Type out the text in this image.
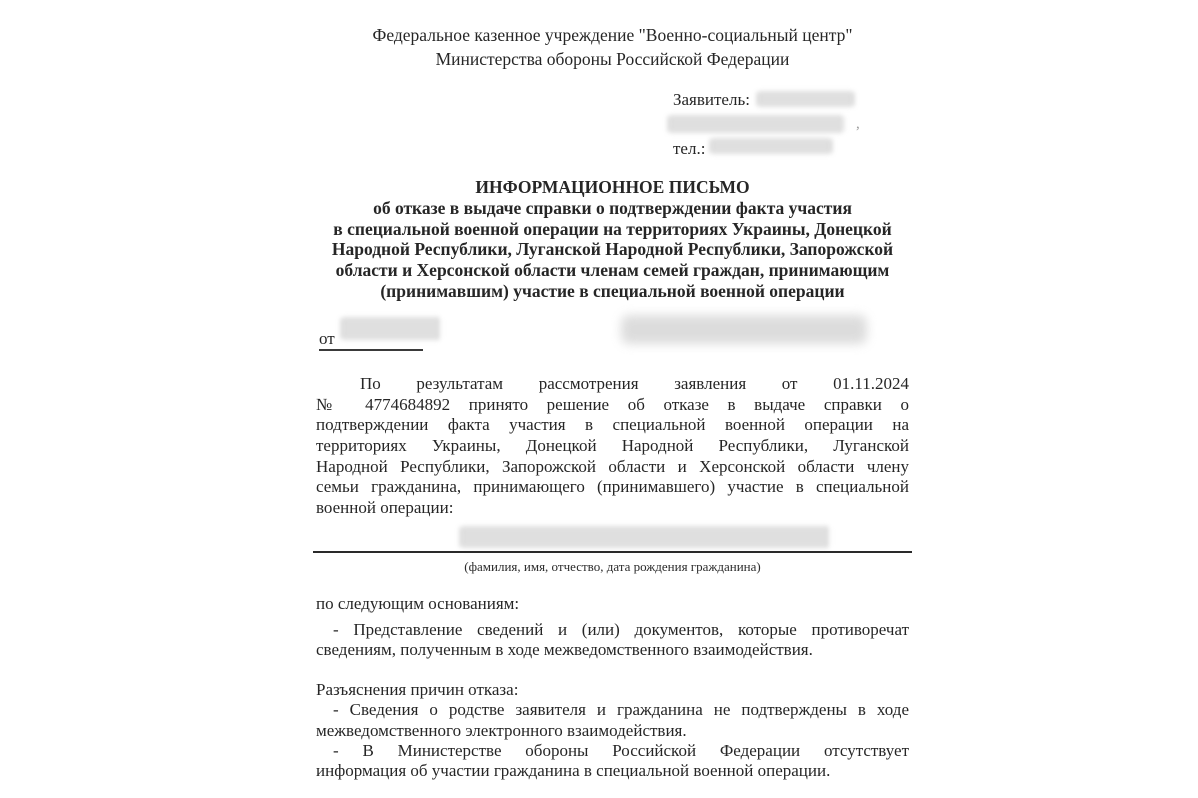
Федеральное казенное учреждение "Военно-социальный центр"
Министерства обороны Российской Федерации
Заявитель:
,
тел.:
ИНФОРМАЦИОННОЕ ПИСЬМО
об отказе в выдаче справки о подтверждении факта участия
в специальной военной операции на территориях Украины, Донецкой
Народной Республики, Луганской Народной Республики, Запорожской
области и Херсонской области членам семей граждан, принимающим
(принимавшим) участие в специальной военной операции
от
По результатам рассмотрения заявления от 01.11.2024
№ 4774684892 принято решение об отказе в выдаче справки о
подтверждении факта участия в специальной военной операции на
территориях Украины, Донецкой Народной Республики, Луганской
Народной Республики, Запорожской области и Херсонской области члену
семьи гражданина, принимающего (принимавшего) участие в специальной
военной операции:
(фамилия, имя, отчество, дата рождения гражданина)
по следующим основаниям:
- Представление сведений и (или) документов, которые противоречат
сведениям, полученным в ходе межведомственного взаимодействия.
Разъяснения причин отказа:
- Сведения о родстве заявителя и гражданина не подтверждены в ходе
межведомственного электронного взаимодействия.
- В Министерстве обороны Российской Федерации отсутствует
информация об участии гражданина в специальной военной операции.
